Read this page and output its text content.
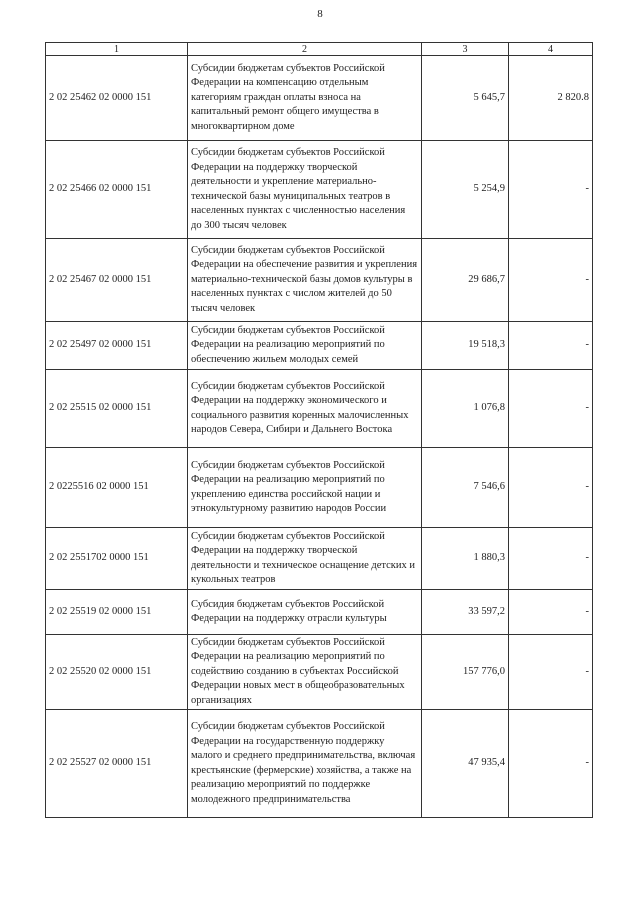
8
1	2	3	4
2 02 25462 02 0000 151	Субсидии бюджетам субъектов Российской Федерации на компенсацию отдельным категориям граждан оплаты взноса на капитальный ремонт общего имущества в многоквартирном доме	5 645,7	2 820.8
2 02 25466 02 0000 151	Субсидии бюджетам субъектов Российской Федерации на поддержку творческой деятельности и укрепление материально-технической базы муниципальных театров в населенных пунктах с численностью населения до 300 тысяч человек	5 254,9	-
2 02 25467 02 0000 151	Субсидии бюджетам субъектов Российской Федерации на обеспечение развития и укрепления материально-технической базы домов культуры в населенных пунктах с числом жителей до 50 тысяч человек	29 686,7	-
2 02 25497 02 0000 151	Субсидии бюджетам субъектов Российской Федерации на реализацию мероприятий по обеспечению жильем молодых семей	19 518,3	-
2 02 25515 02 0000 151	Субсидии бюджетам субъектов Российской Федерации на поддержку экономического и социального развития коренных малочисленных народов Севера, Сибири и Дальнего Востока	1 076,8	-
2 0225516 02 0000 151	Субсидии бюджетам субъектов Российской Федерации на реализацию мероприятий по укреплению единства российской нации и этнокультурному развитию народов России	7 546,6	-
2 02 2551702 0000 151	Субсидии бюджетам субъектов Российской Федерации на поддержку творческой деятельности и техническое оснащение детских и кукольных театров	1 880,3	-
2 02 25519 02 0000 151	Субсидия бюджетам субъектов Российской Федерации на поддержку отрасли культуры	33 597,2	-
2 02 25520 02 0000 151	Субсидии бюджетам субъектов Российской Федерации на реализацию мероприятий по содействию созданию в субъектах Российской Федерации новых мест в общеобразовательных организациях	157 776,0	-
2 02 25527 02 0000 151	Субсидии бюджетам субъектов Российской Федерации на государственную поддержку малого и среднего предпринимательства, включая крестьянские (фермерские) хозяйства, а также на реализацию мероприятий по поддержке молодежного предпринимательства	47 935,4	-
